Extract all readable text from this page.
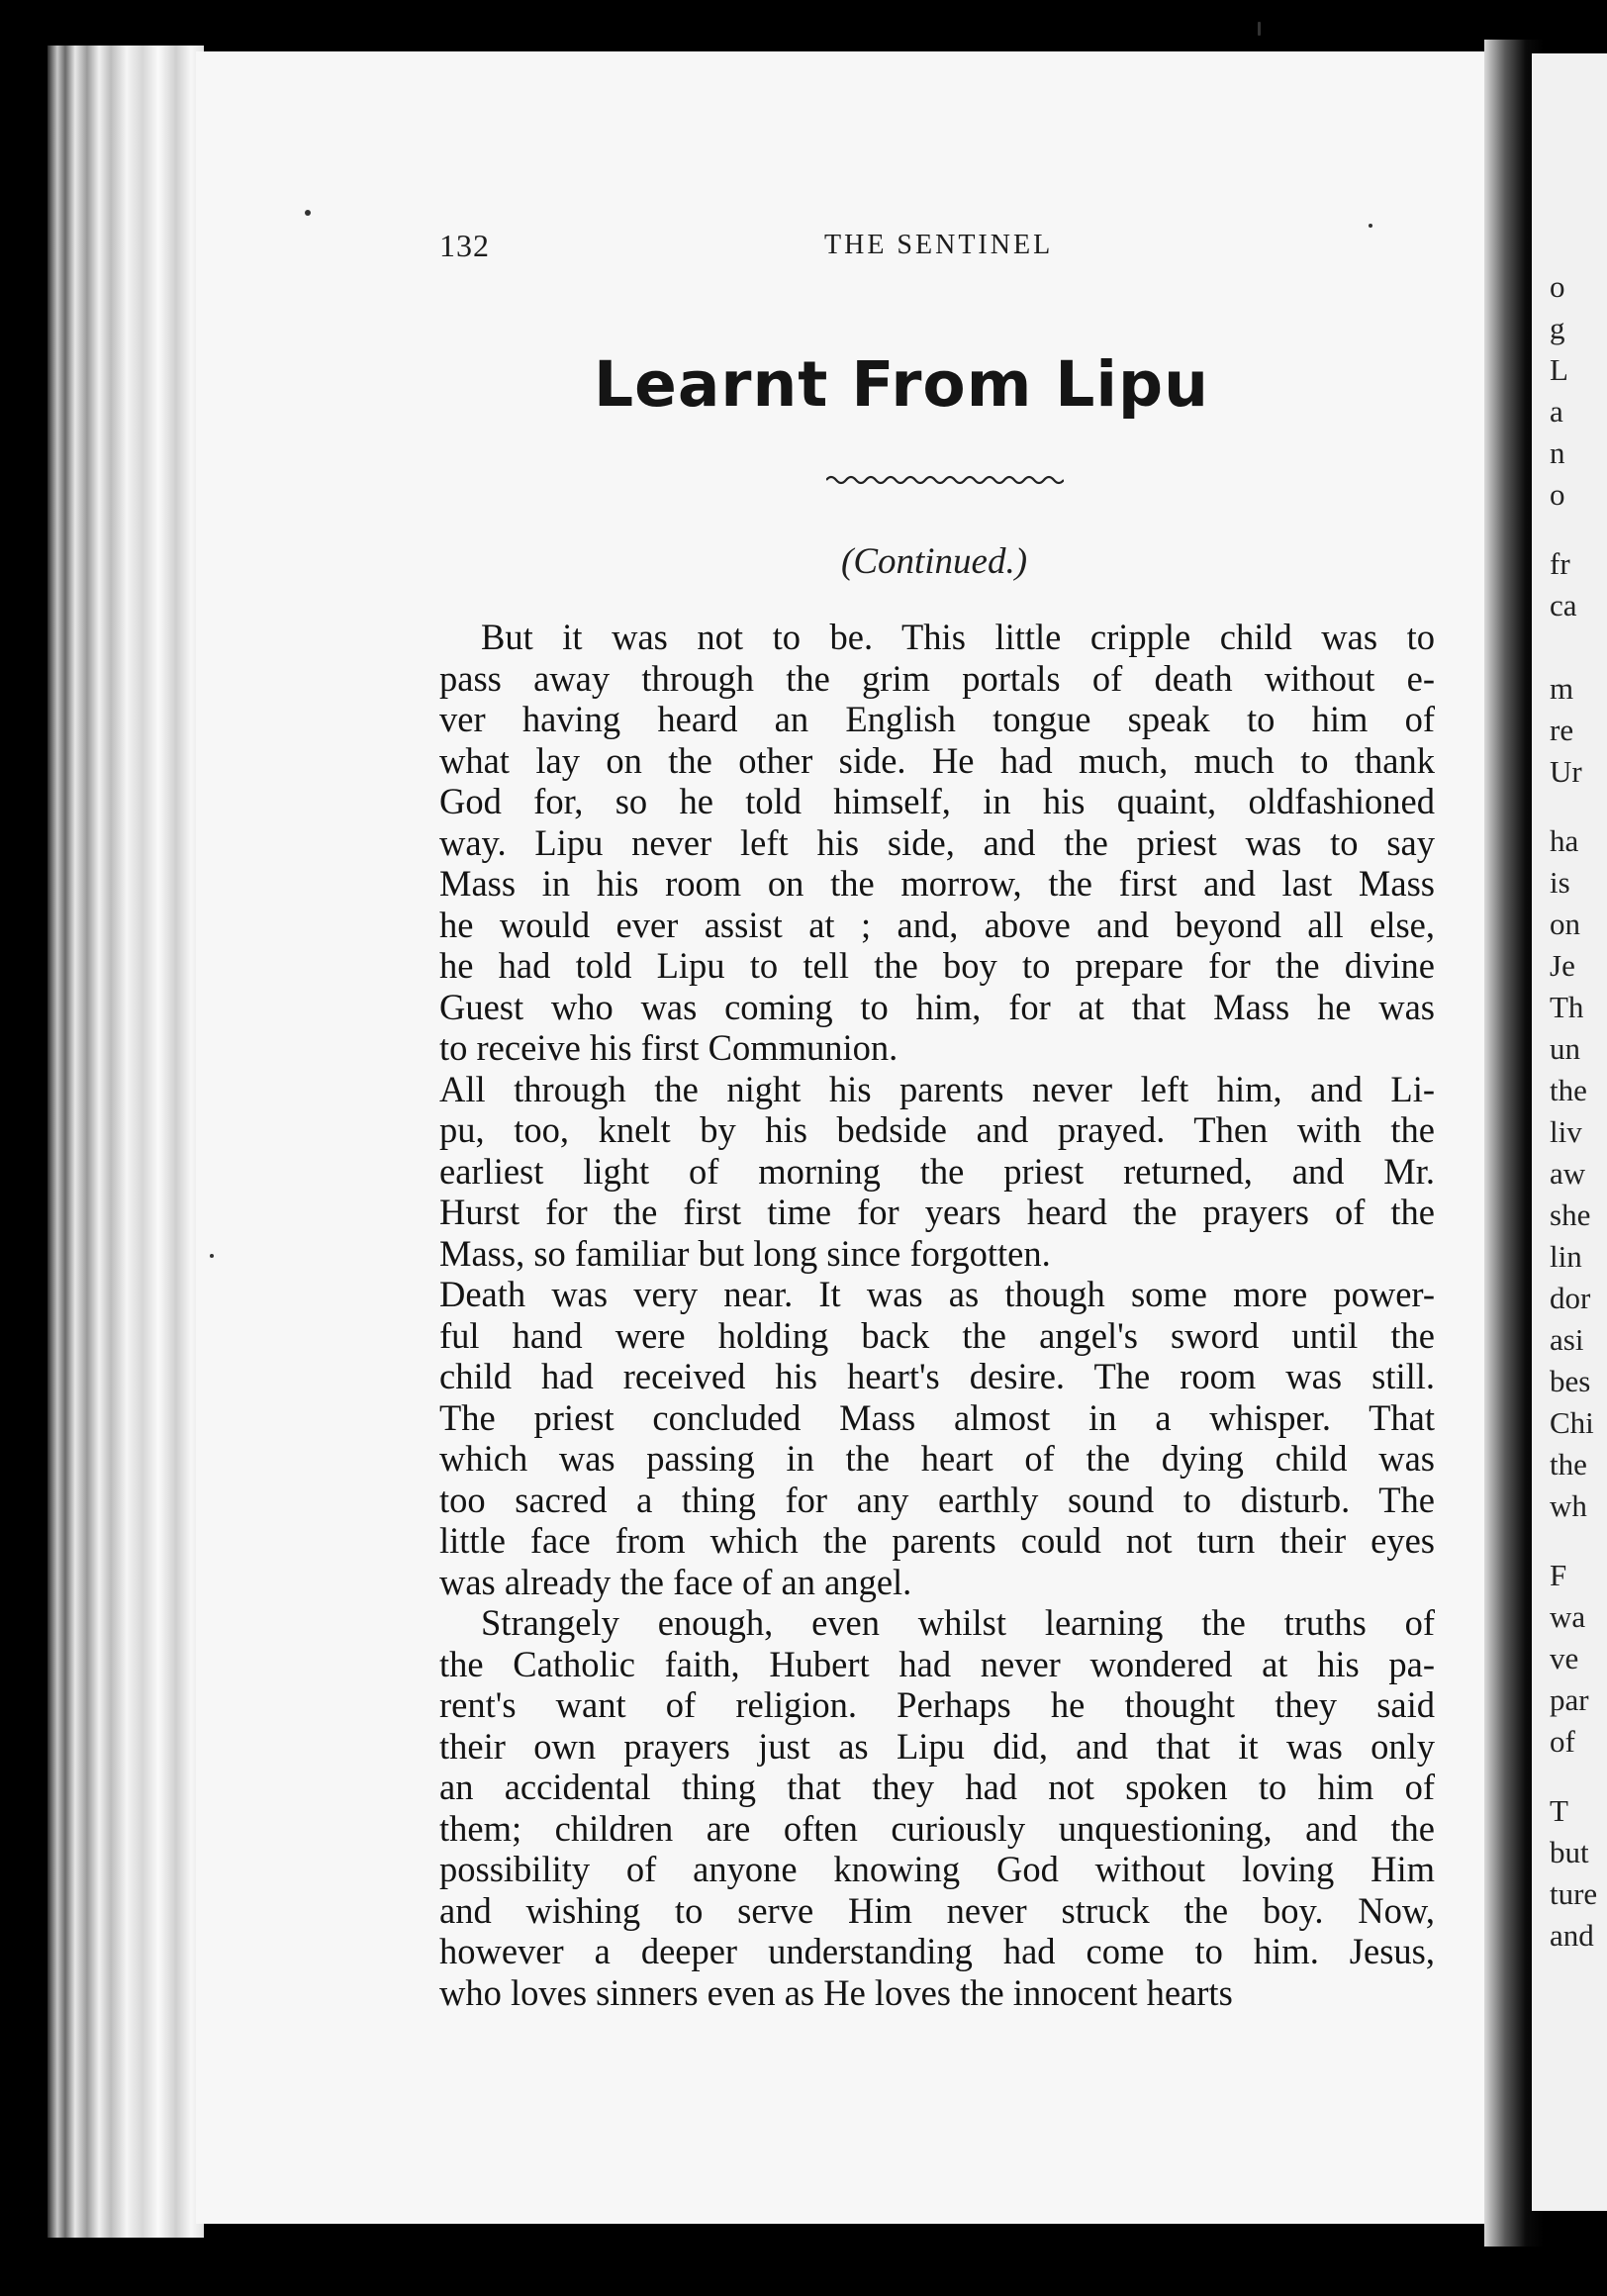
o
g
L
a
n
o
fr
ca
m
re
Ur
ha
is
on
Je
Th
un
the
liv
aw
she
lin
dor
asi
bes
Chi
the
wh
F
wa
ve
par
of
T
but
ture
and
132	THE SENTINEL
Learnt From Lipu
(Continued.)

But it was not to be. This little cripple child was to
pass away through the grim portals of death without e-
ver having heard an English tongue speak to him of
what lay on the other side. He had much, much to thank
God for, so he told himself, in his quaint, oldfashioned
way. Lipu never left his side, and the priest was to say
Mass in his room on the morrow, the first and last Mass
he would ever assist at ; and, above and beyond all else,
he had told Lipu to tell the boy to prepare for the divine
Guest who was coming to him, for at that Mass he was
to receive his first Communion.

All through the night his parents never left him, and Li-
pu, too, knelt by his bedside and prayed. Then with the
earliest light of morning the priest returned, and Mr.
Hurst for the first time for years heard the prayers of the
Mass, so familiar but long since forgotten.

Death was very near. It was as though some more power-
ful hand were holding back the angel's sword until the
child had received his heart's desire. The room was still.
The priest concluded Mass almost in a whisper. That
which was passing in the heart of the dying child was
too sacred a thing for any earthly sound to disturb. The
little face from which the parents could not turn their eyes
was already the face of an angel.

Strangely enough, even whilst learning the truths of
the Catholic faith, Hubert had never wondered at his pa-
rent's want of religion. Perhaps he thought they said
their own prayers just as Lipu did, and that it was only
an accidental thing that they had not spoken to him of
them; children are often curiously unquestioning, and the
possibility of anyone knowing God without loving Him
and wishing to serve Him never struck the boy. Now,
however a deeper understanding had come to him. Jesus,
who loves sinners even as He loves the innocent hearts
